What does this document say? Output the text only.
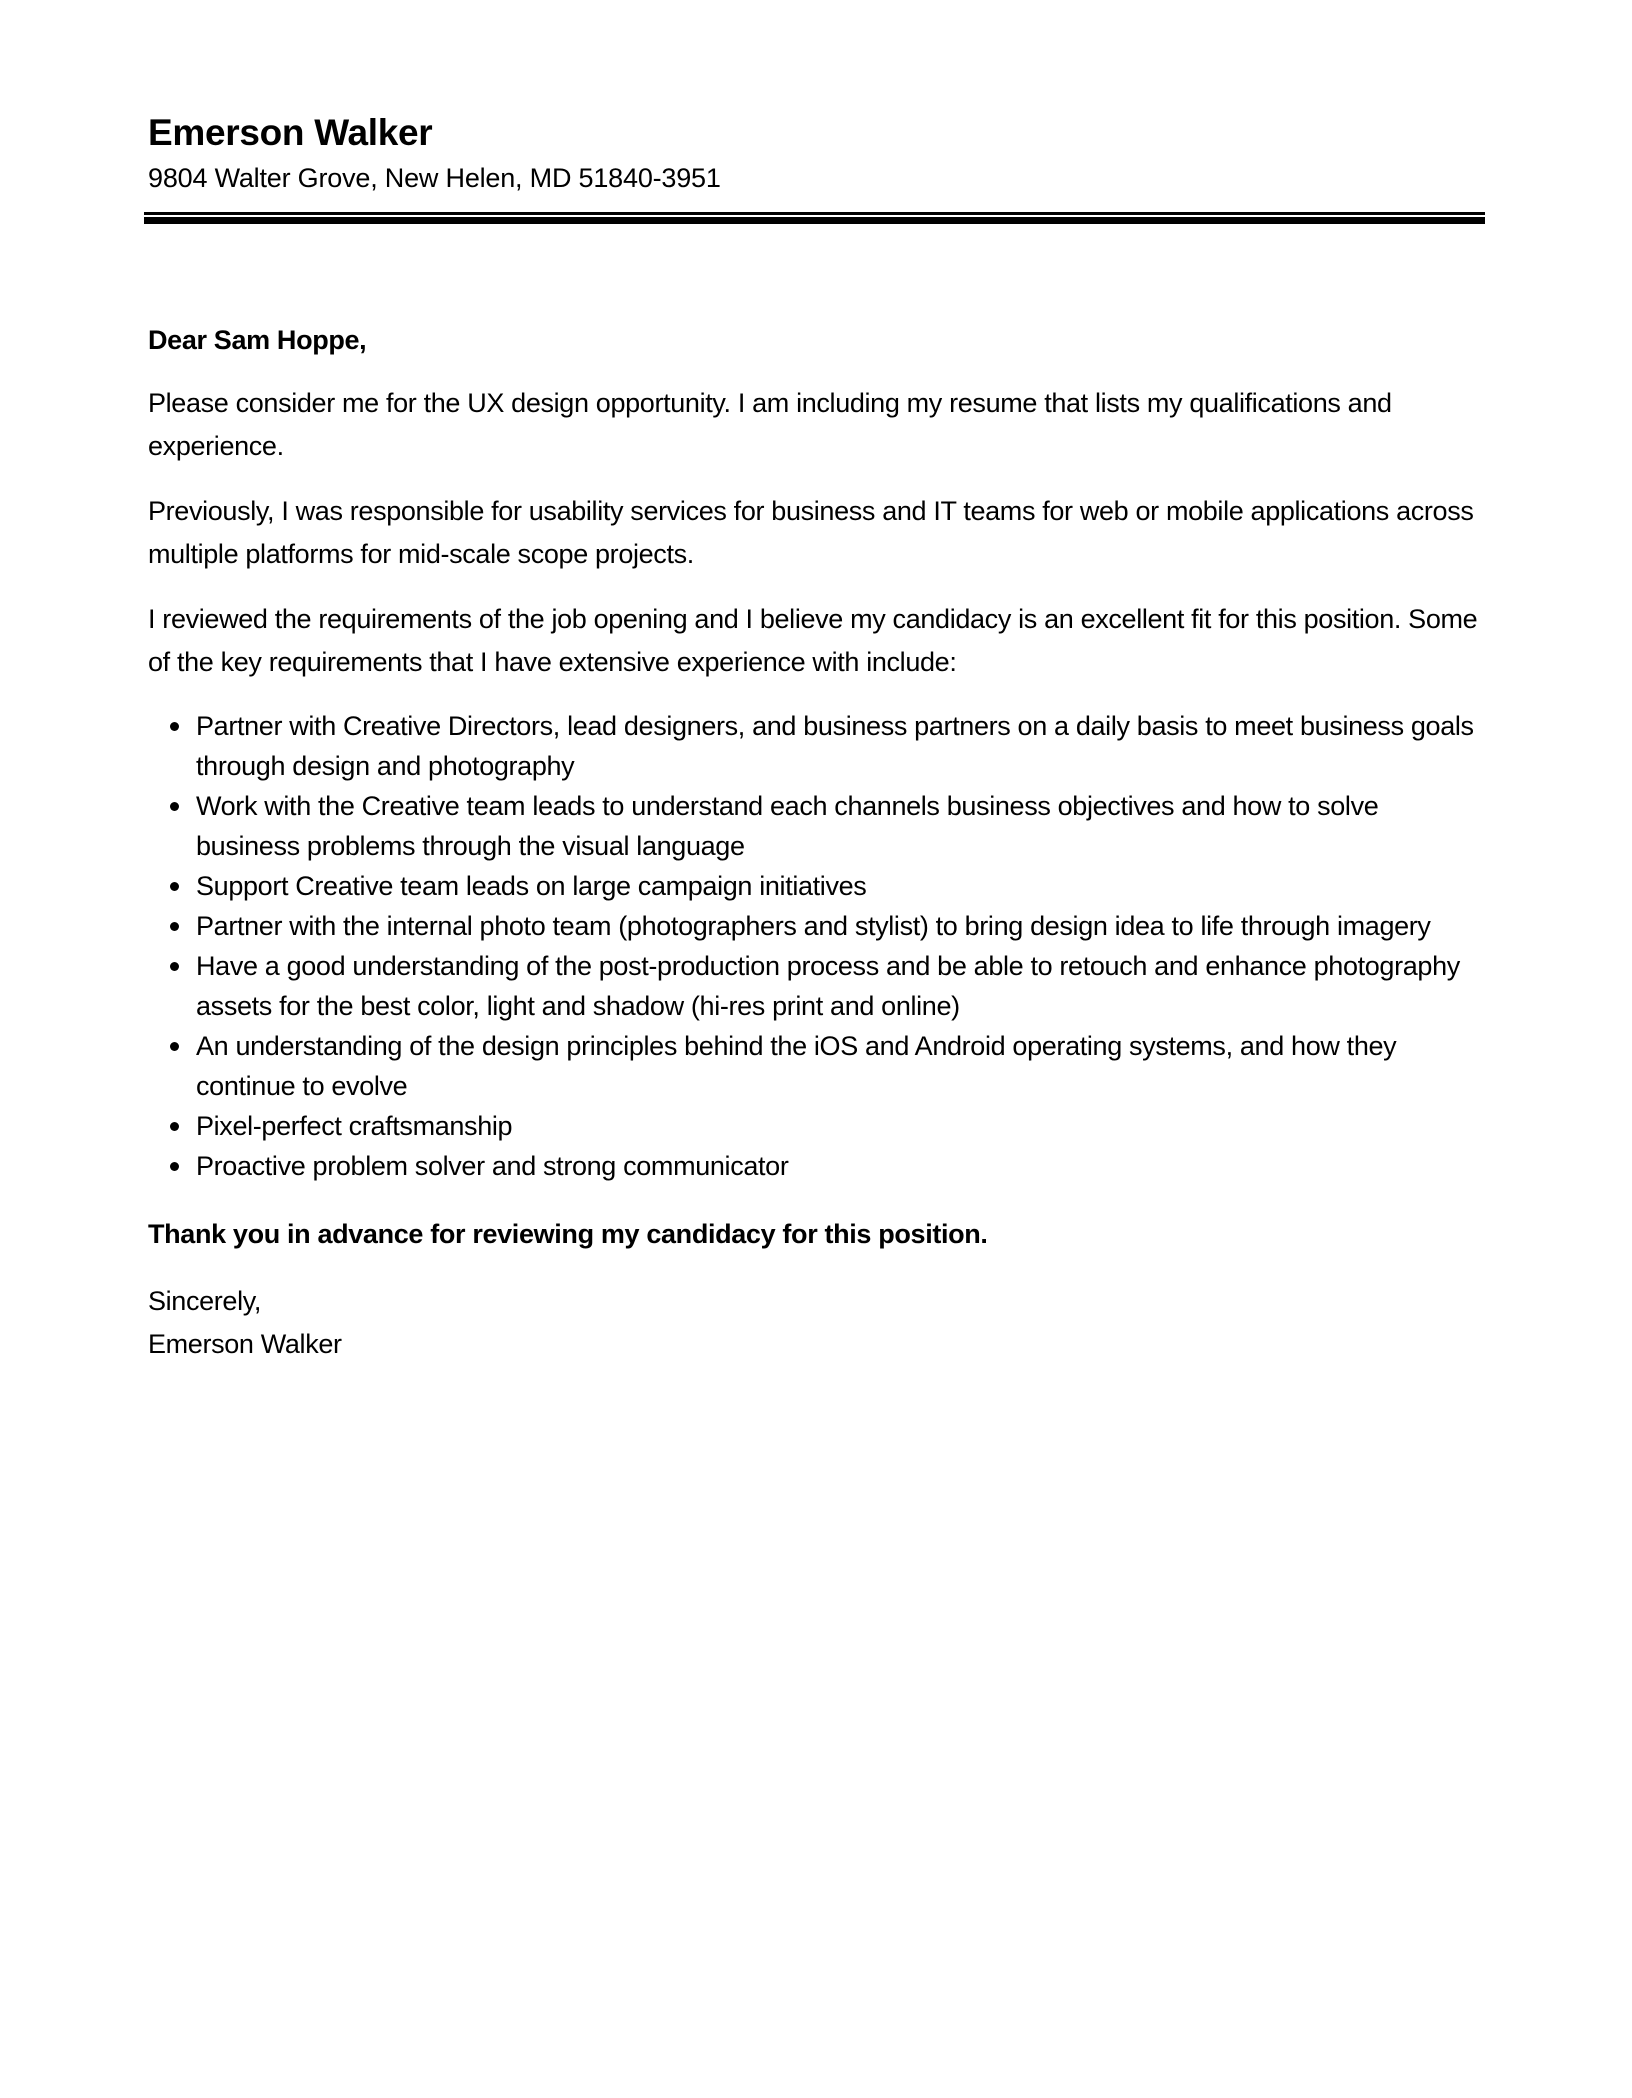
Emerson Walker
9804 Walter Grove, New Helen, MD 51840-3951
Dear Sam Hoppe,

Please consider me for the UX design opportunity. I am including my resume that lists my qualifications and experience.

Previously, I was responsible for usability services for business and IT teams for web or mobile applications across multiple platforms for mid-scale scope projects.

I reviewed the requirements of the job opening and I believe my candidacy is an excellent fit for this position. Some of the key requirements that I have extensive experience with include:

Partner with Creative Directors, lead designers, and business partners on a daily basis to meet business goals through design and photography
Work with the Creative team leads to understand each channels business objectives and how to solve business problems through the visual language
Support Creative team leads on large campaign initiatives
Partner with the internal photo team (photographers and stylist) to bring design idea to life through imagery
Have a good understanding of the post-production process and be able to retouch and enhance photography assets for the best color, light and shadow (hi-res print and online)
An understanding of the design principles behind the iOS and Android operating systems, and how they continue to evolve
Pixel-perfect craftsmanship
Proactive problem solver and strong communicator
Thank you in advance for reviewing my candidacy for this position.
Sincerely,
Emerson Walker
